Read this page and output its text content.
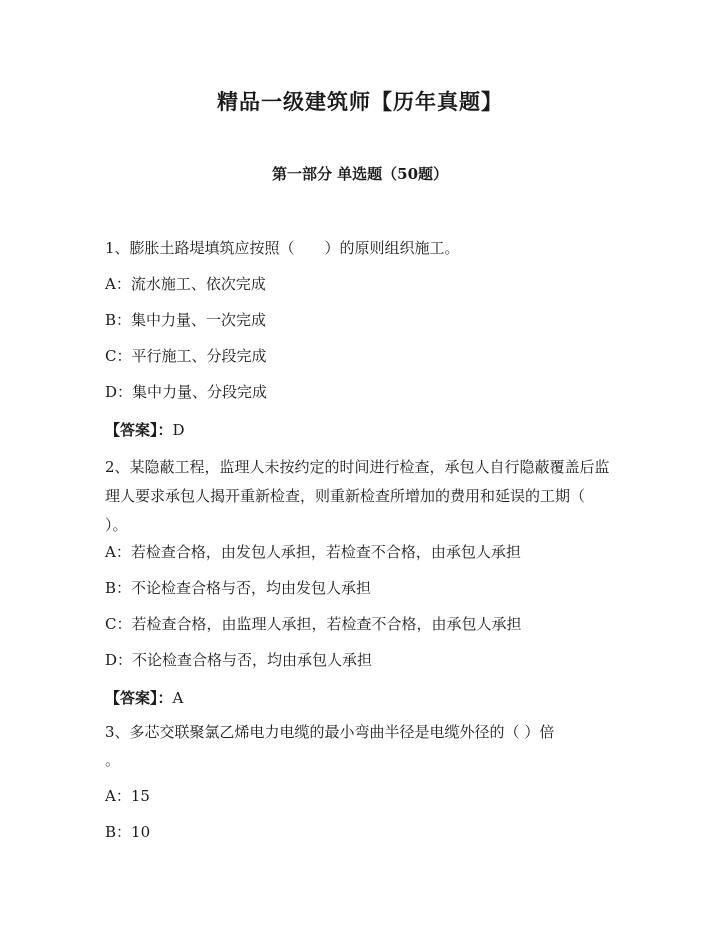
精品一级建筑师【历年真题】
第一部分 单选题（50题）
1、膨胀土路堤填筑应按照（　　）的原则组织施工。
A：流水施工、依次完成
B：集中力量、一次完成
C：平行施工、分段完成
D：集中力量、分段完成
【答案】：D
2、某隐蔽工程，监理人未按约定的时间进行检查，承包人自行隐蔽覆盖后监理人要求承包人揭开重新检查，则重新检查所增加的费用和延误的工期（ ）。
A：若检查合格，由发包人承担，若检查不合格，由承包人承担
B：不论检查合格与否，均由发包人承担
C：若检查合格，由监理人承担，若检查不合格，由承包人承担
D：不论检查合格与否，均由承包人承担
【答案】：A
3、多芯交联聚氯乙烯电力电缆的最小弯曲半径是电缆外径的（ ）倍
。
A：15
B：10
